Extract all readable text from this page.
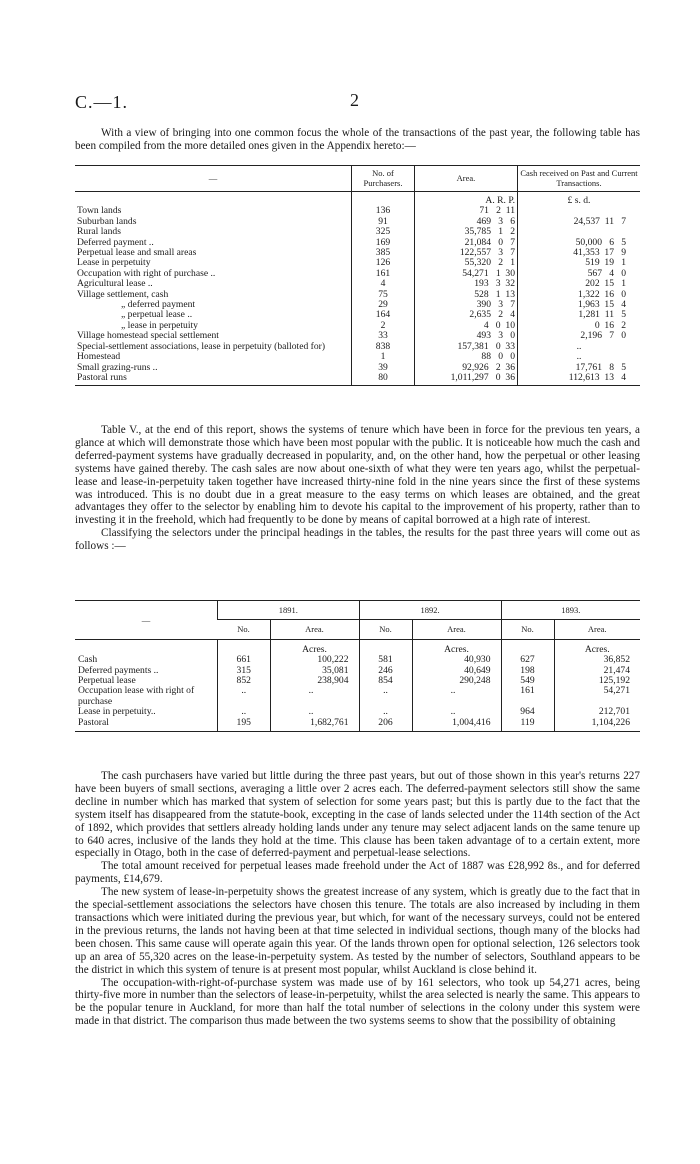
C.—1.	2

With a view of bringing into one common focus the whole of the transactions of the past year, the following table has been compiled from the more detailed ones given in the Appendix hereto:—

—	No. of Purchasers.	Area.	Cash received on Past and Current Transactions.
		A. R. P.	£ s. d.
Town lands	136	71   2  11	
Suburban lands	91	469   3   6	24,537  11   7
Rural lands	325	35,785   1   2	
Deferred payment ..	169	21,084   0   7	50,000   6   5
Perpetual lease and small areas	385	122,557   3   7	41,353  17   9
Lease in perpetuity	126	55,320   2   1	519  19   1
Occupation with right of purchase ..	161	54,271   1  30	567   4   0
Agricultural lease ..	4	193   3  32	202  15   1
Village settlement, cash	75	528   1  13	1,322  16   0
„ deferred payment	29	390   3   7	1,963  15   4
„ perpetual lease ..	164	2,635   2   4	1,281  11   5
„ lease in perpetuity	2	4   0  10	0  16   2
Village homestead special settlement	33	493   3   0	2,196   7   0
Special-settlement associations, lease in perpetuity (balloted for)	838	157,381   0  33	..
Homestead	1	88   0   0	..
Small grazing-runs ..	39	92,926   2  36	17,761   8   5
Pastoral runs	80	1,011,297   0  36	112,613  13   4

Table V., at the end of this report, shows the systems of tenure which have been in force for the previous ten years, a glance at which will demonstrate those which have been most popular with the public. It is noticeable how much the cash and deferred-payment systems have gradually decreased in popularity, and, on the other hand, how the perpetual or other leasing systems have gained thereby. The cash sales are now about one-sixth of what they were ten years ago, whilst the perpetual-lease and lease-in-perpetuity taken together have increased thirty-nine fold in the nine years since the first of these systems was introduced. This is no doubt due in a great measure to the easy terms on which leases are obtained, and the great advantages they offer to the selector by enabling him to devote his capital to the improvement of his property, rather than to investing it in the freehold, which had frequently to be done by means of capital borrowed at a high rate of interest.

Classifying the selectors under the principal headings in the tables, the results for the past three years will come out as follows :—

—	1891.		1892.		1893.	
	No.	Area.	No.	Area.	No.	Area.
		Acres.		Acres.		Acres.
Cash	661	100,222	581	40,930	627	36,852
Deferred payments ..	315	35,081	246	40,649	198	21,474
Perpetual lease	852	238,904	854	290,248	549	125,192
Occupation lease with right of purchase	..	..	..	..	161	54,271
Lease in perpetuity..	..	..	..	..	964	212,701
Pastoral	195	1,682,761	206	1,004,416	119	1,104,226

The cash purchasers have varied but little during the three past years, but out of those shown in this year's returns 227 have been buyers of small sections, averaging a little over 2 acres each. The deferred-payment selectors still show the same decline in number which has marked that system of selection for some years past; but this is partly due to the fact that the system itself has disappeared from the statute-book, excepting in the case of lands selected under the 114th section of the Act of 1892, which provides that settlers already holding lands under any tenure may select adjacent lands on the same tenure up to 640 acres, inclusive of the lands they hold at the time. This clause has been taken advantage of to a certain extent, more especially in Otago, both in the case of deferred-payment and perpetual-lease selections.

The total amount received for perpetual leases made freehold under the Act of 1887 was £28,992 8s., and for deferred payments, £14,679.

The new system of lease-in-perpetuity shows the greatest increase of any system, which is greatly due to the fact that in the special-settlement associations the selectors have chosen this tenure. The totals are also increased by including in them transactions which were initiated during the previous year, but which, for want of the necessary surveys, could not be entered in the previous returns, the lands not having been at that time selected in individual sections, though many of the blocks had been chosen. This same cause will operate again this year. Of the lands thrown open for optional selection, 126 selectors took up an area of 55,320 acres on the lease-in-perpetuity system. As tested by the number of selectors, Southland appears to be the district in which this system of tenure is at present most popular, whilst Auckland is close behind it.

The occupation-with-right-of-purchase system was made use of by 161 selectors, who took up 54,271 acres, being thirty-five more in number than the selectors of lease-in-perpetuity, whilst the area selected is nearly the same. This appears to be the popular tenure in Auckland, for more than half the total number of selections in the colony under this system were made in that district. The comparison thus made between the two systems seems to show that the possibility of obtaining
